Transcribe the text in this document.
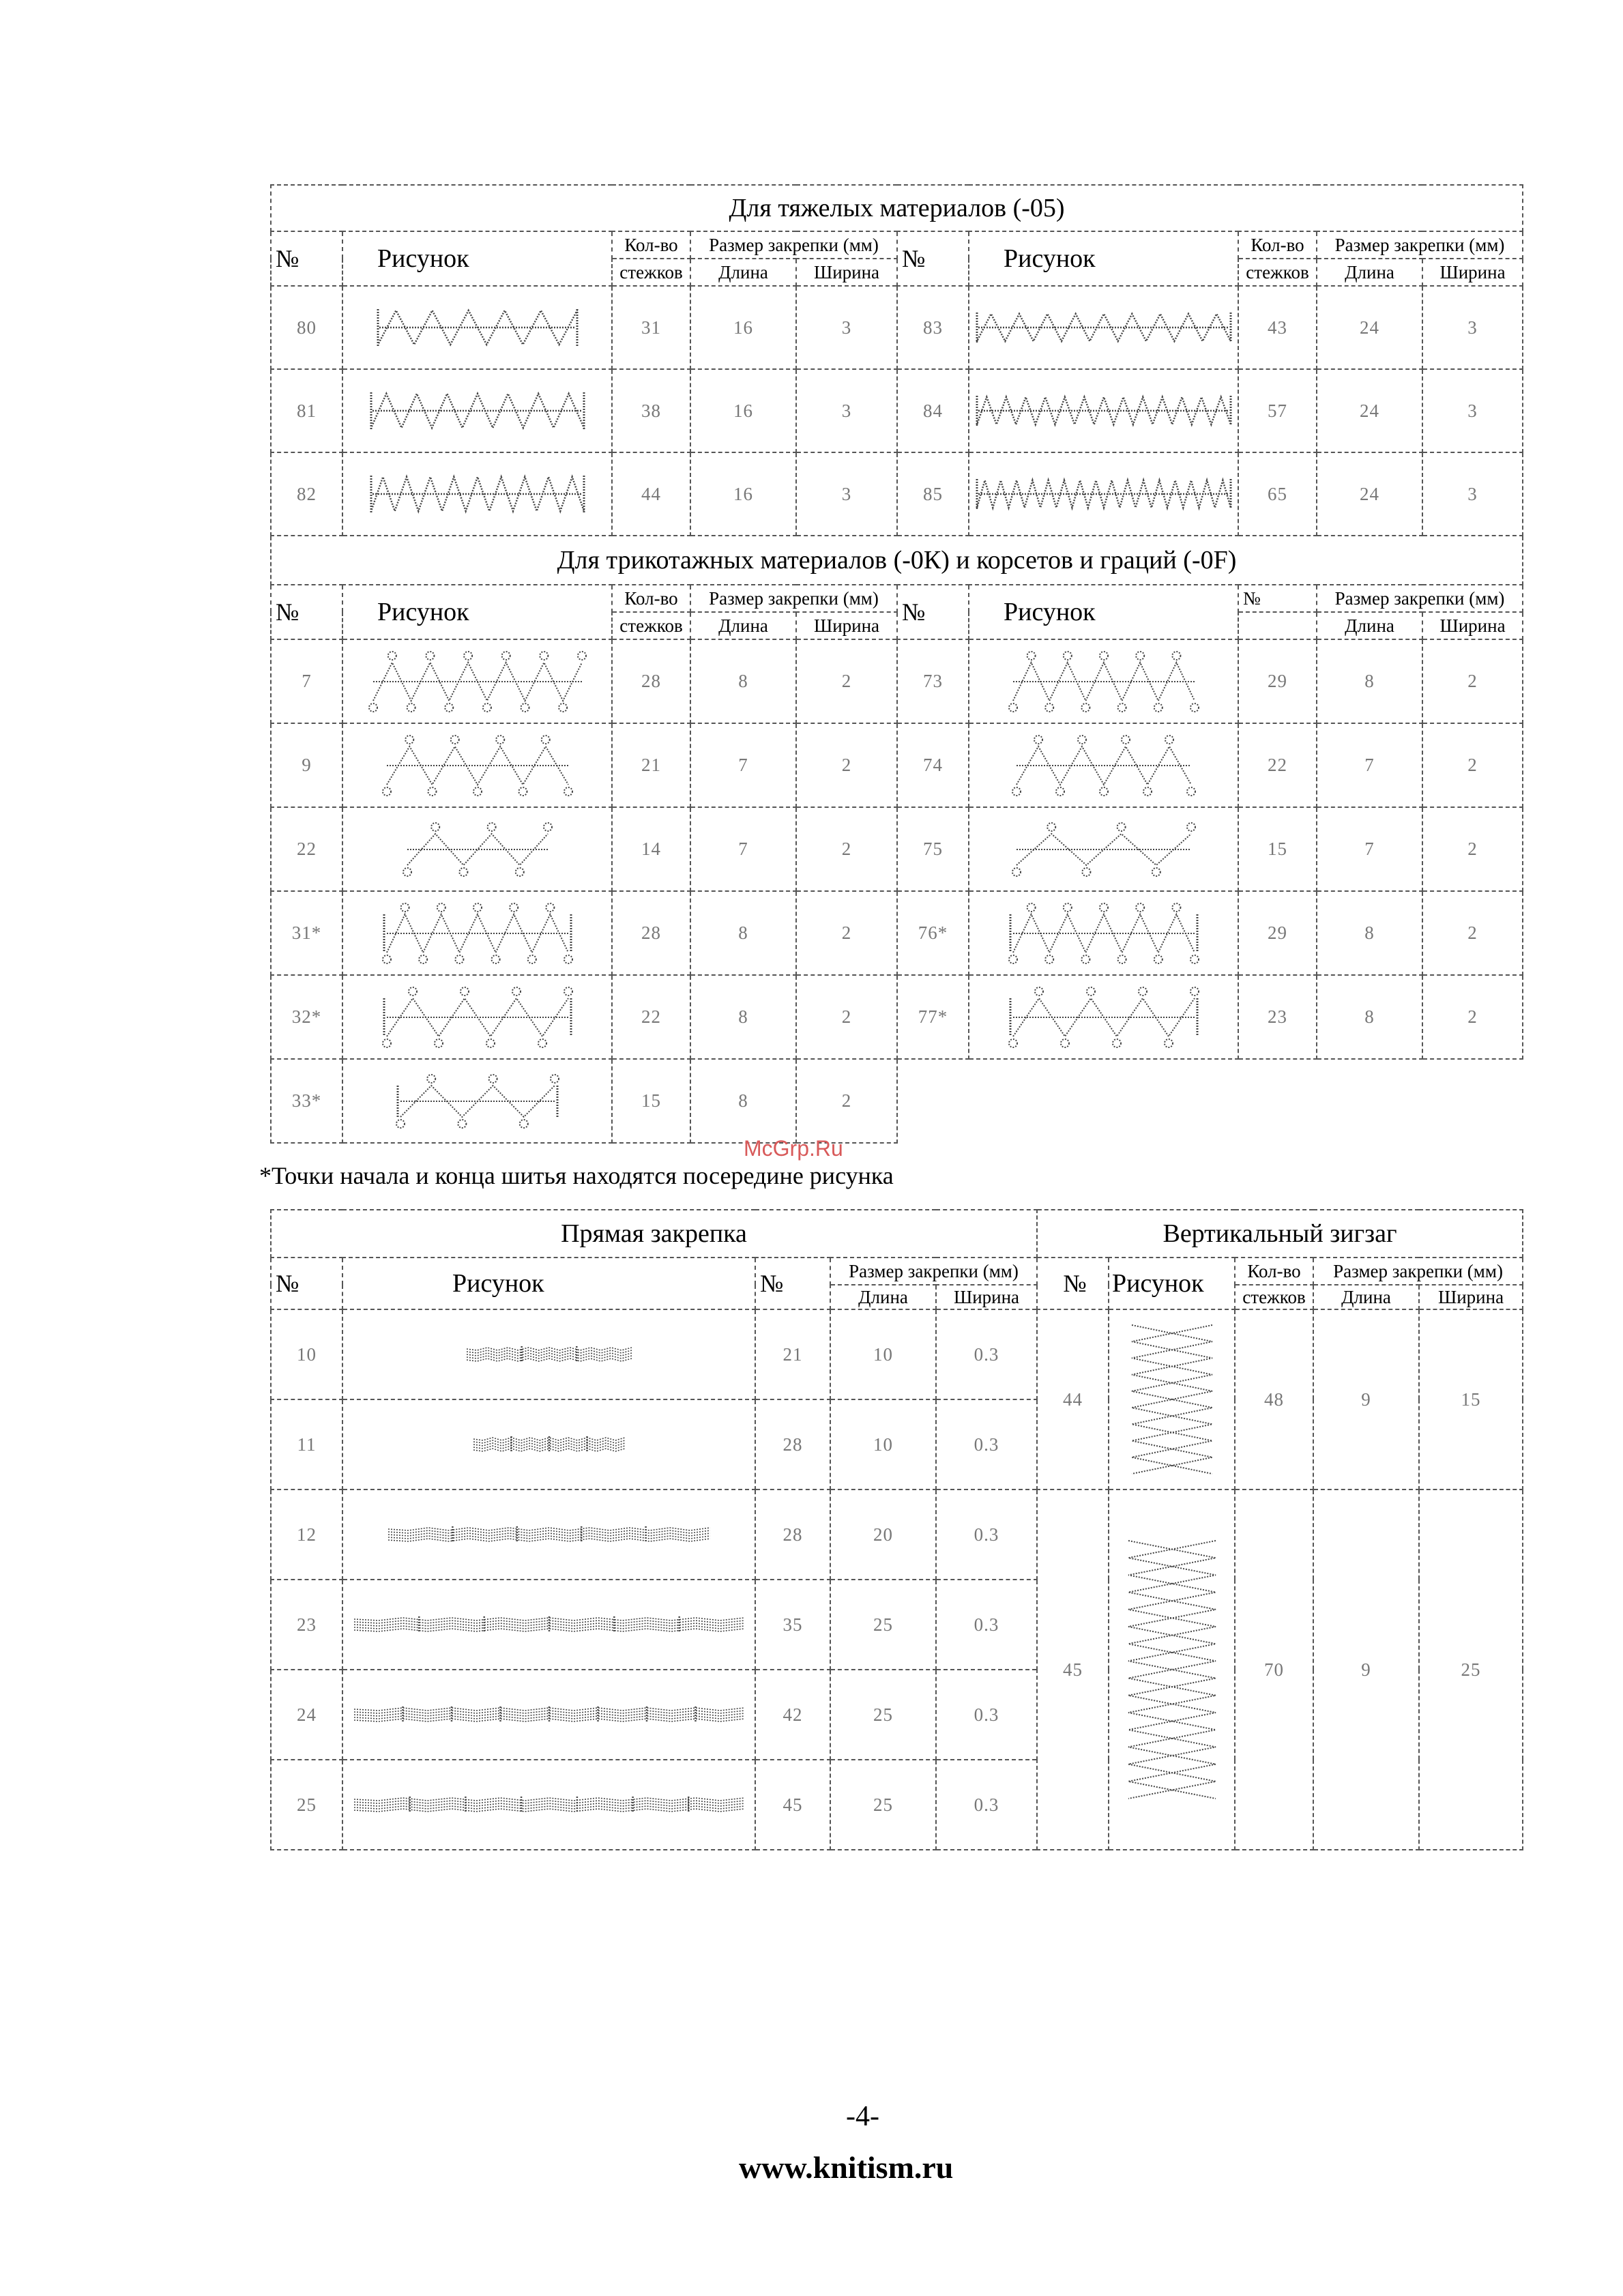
Для тяжелых материалов (-05)									
№	Рисунок	Кол-во	Размер закрепки (мм)		№	Рисунок	Кол-во	Размер закрепки (мм)	
		стежков	Длина	Ширина			стежков	Длина	Ширина
80		31	16	3	83		43	24	3
81		38	16	3	84		57	24	3
82		44	16	3	85		65	24	3
Для трикотажных материалов (-0К) и корсетов и граций (-0F)									
№	Рисунок	Кол-во	Размер закрепки (мм)		№	Рисунок	№	Размер закрепки (мм)	
		стежков	Длина	Ширина				Длина	Ширина
7		28	8	2	73		29	8	2
9		21	7	2	74		22	7	2
22		14	7	2	75		15	7	2
31*		28	8	2	76*		29	8	2
32*		22	8	2	77*		23	8	2
33*		15	8	2					
McGrp.Ru
*Точки начала и конца шитья находятся посередине рисунка
Прямая закрепка					Вертикальный зигзаг				
№	Рисунок	№	Размер закрепки (мм)		№	Рисунок	Кол-во	Размер закрепки (мм)	
			Длина	Ширина			стежков	Длина	Ширина
10		21	10	0.3	44		48	9	15
11		28	10	0.3					
12		28	20	0.3	45		70	9	25
23		35	25	0.3					
24		42	25	0.3					
25		45	25	0.3					
-4-
www.knitism.ru
